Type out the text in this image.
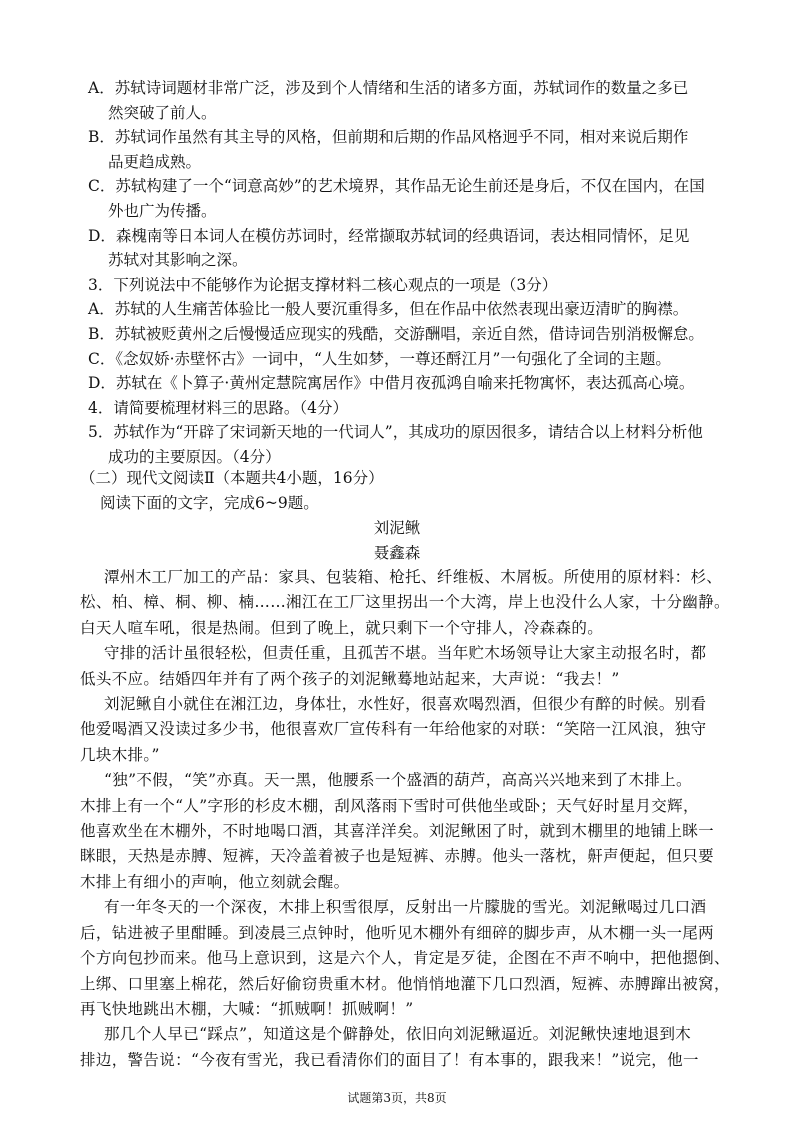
A．苏轼诗词题材非常广泛，涉及到个人情绪和生活的诸多方面，苏轼词作的数量之多已
然突破了前人。
B．苏轼词作虽然有其主导的风格，但前期和后期的作品风格迥乎不同，相对来说后期作
品更趋成熟。
C．苏轼构建了一个“词意高妙”的艺术境界，其作品无论生前还是身后，不仅在国内，在国
外也广为传播。
D．森槐南等日本词人在模仿苏词时，经常撷取苏轼词的经典语词，表达相同情怀，足见
苏轼对其影响之深。
3．下列说法中不能够作为论据支撑材料二核心观点的一项是（3分）
A．苏轼的人生痛苦体验比一般人要沉重得多，但在作品中依然表现出豪迈清旷的胸襟。
B．苏轼被贬黄州之后慢慢适应现实的残酷，交游酬唱，亲近自然，借诗词告别消极懈怠。
C．《念奴娇·赤壁怀古》一词中，“人生如梦，一尊还酹江月”一句强化了全词的主题。
D．苏轼在《卜算子·黄州定慧院寓居作》中借月夜孤鸿自喻来托物寓怀，表达孤高心境。
4．请简要梳理材料三的思路。（4分）
5．苏轼作为“开辟了宋词新天地的一代词人”，其成功的原因很多，请结合以上材料分析他
成功的主要原因。（4分）
（二）现代文阅读Ⅱ（本题共4小题，16分）
阅读下面的文字，完成6~9题。
刘泥鳅
聂鑫森
潭州木工厂加工的产品：家具、包装箱、枪托、纤维板、木屑板。所使用的原材料：杉、
松、柏、樟、桐、柳、楠……湘江在工厂这里拐出一个大湾，岸上也没什么人家，十分幽静。
白天人喧车吼，很是热闹。但到了晚上，就只剩下一个守排人，冷森森的。
守排的活计虽很轻松，但责任重，且孤苦不堪。当年贮木场领导让大家主动报名时，都
低头不应。结婚四年并有了两个孩子的刘泥鳅蓦地站起来，大声说：“我去！”
刘泥鳅自小就住在湘江边，身体壮，水性好，很喜欢喝烈酒，但很少有醉的时候。别看
他爱喝酒又没读过多少书，他很喜欢厂宣传科有一年给他家的对联：“笑陪一江风浪，独守
几块木排。”
“独”不假，“笑”亦真。天一黑，他腰系一个盛酒的葫芦，高高兴兴地来到了木排上。
木排上有一个“人”字形的杉皮木棚，刮风落雨下雪时可供他坐或卧；天气好时星月交辉，
他喜欢坐在木棚外，不时地喝口酒，其喜洋洋矣。刘泥鳅困了时，就到木棚里的地铺上眯一
眯眼，天热是赤膊、短裤，天冷盖着被子也是短裤、赤膊。他头一落枕，鼾声便起，但只要
木排上有细小的声响，他立刻就会醒。
有一年冬天的一个深夜，木排上积雪很厚，反射出一片朦胧的雪光。刘泥鳅喝过几口酒
后，钻进被子里酣睡。到凌晨三点钟时，他听见木棚外有细碎的脚步声，从木棚一头一尾两
个方向包抄而来。他马上意识到，这是六个人，肯定是歹徒，企图在不声不响中，把他摁倒、
上绑、口里塞上棉花，然后好偷窃贵重木材。他悄悄地灌下几口烈酒，短裤、赤膊蹿出被窝，
再飞快地跳出木棚，大喊：“抓贼啊！抓贼啊！”
那几个人早已“踩点”，知道这是个僻静处，依旧向刘泥鳅逼近。刘泥鳅快速地退到木
排边，警告说：“今夜有雪光，我已看清你们的面目了！有本事的，跟我来！”说完，他一
试题第3页，共8页
